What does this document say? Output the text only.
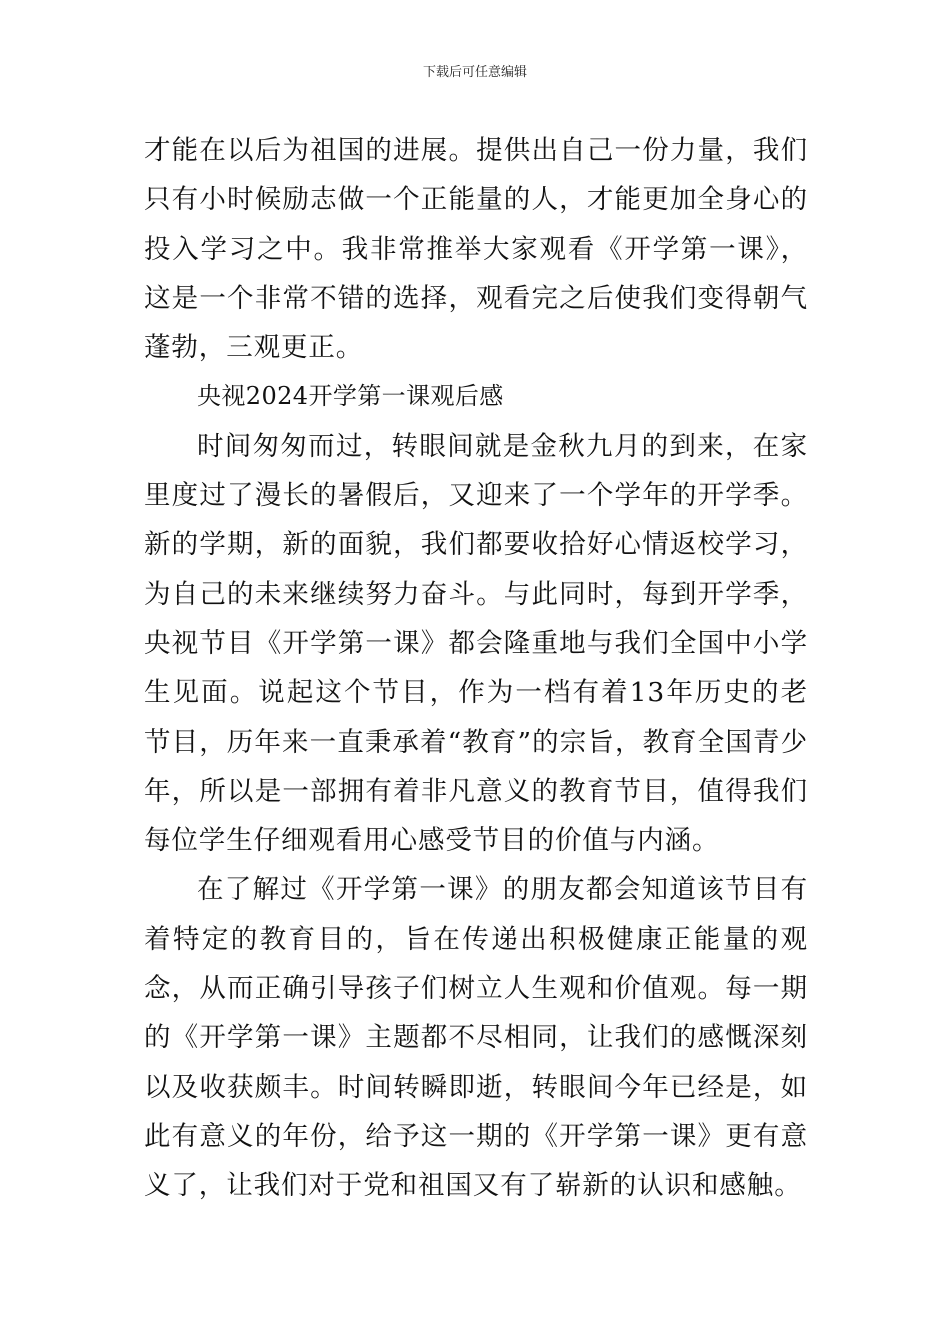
下载后可任意编辑

才能在以后为祖国的进展。提供出自己一份力量，我们只有小时候励志做一个正能量的人，才能更加全身心的投入学习之中。我非常推举大家观看《开学第一课》，这是一个非常不错的选择，观看完之后使我们变得朝气蓬勃，三观更正。

央视2024开学第一课观后感

时间匆匆而过，转眼间就是金秋九月的到来，在家里度过了漫长的暑假后，又迎来了一个学年的开学季。新的学期，新的面貌，我们都要收拾好心情返校学习，为自己的未来继续努力奋斗。与此同时，每到开学季，央视节目《开学第一课》都会隆重地与我们全国中小学生见面。说起这个节目，作为一档有着13年历史的老节目，历年来一直秉承着“教育”的宗旨，教育全国青少年，所以是一部拥有着非凡意义的教育节目，值得我们每位学生仔细观看用心感受节目的价值与内涵。

在了解过《开学第一课》的朋友都会知道该节目有着特定的教育目的，旨在传递出积极健康正能量的观念，从而正确引导孩子们树立人生观和价值观。每一期的《开学第一课》主题都不尽相同，让我们的感慨深刻以及收获颇丰。时间转瞬即逝，转眼间今年已经是，如此有意义的年份，给予这一期的《开学第一课》更有意义了，让我们对于党和祖国又有了崭新的认识和感触。
